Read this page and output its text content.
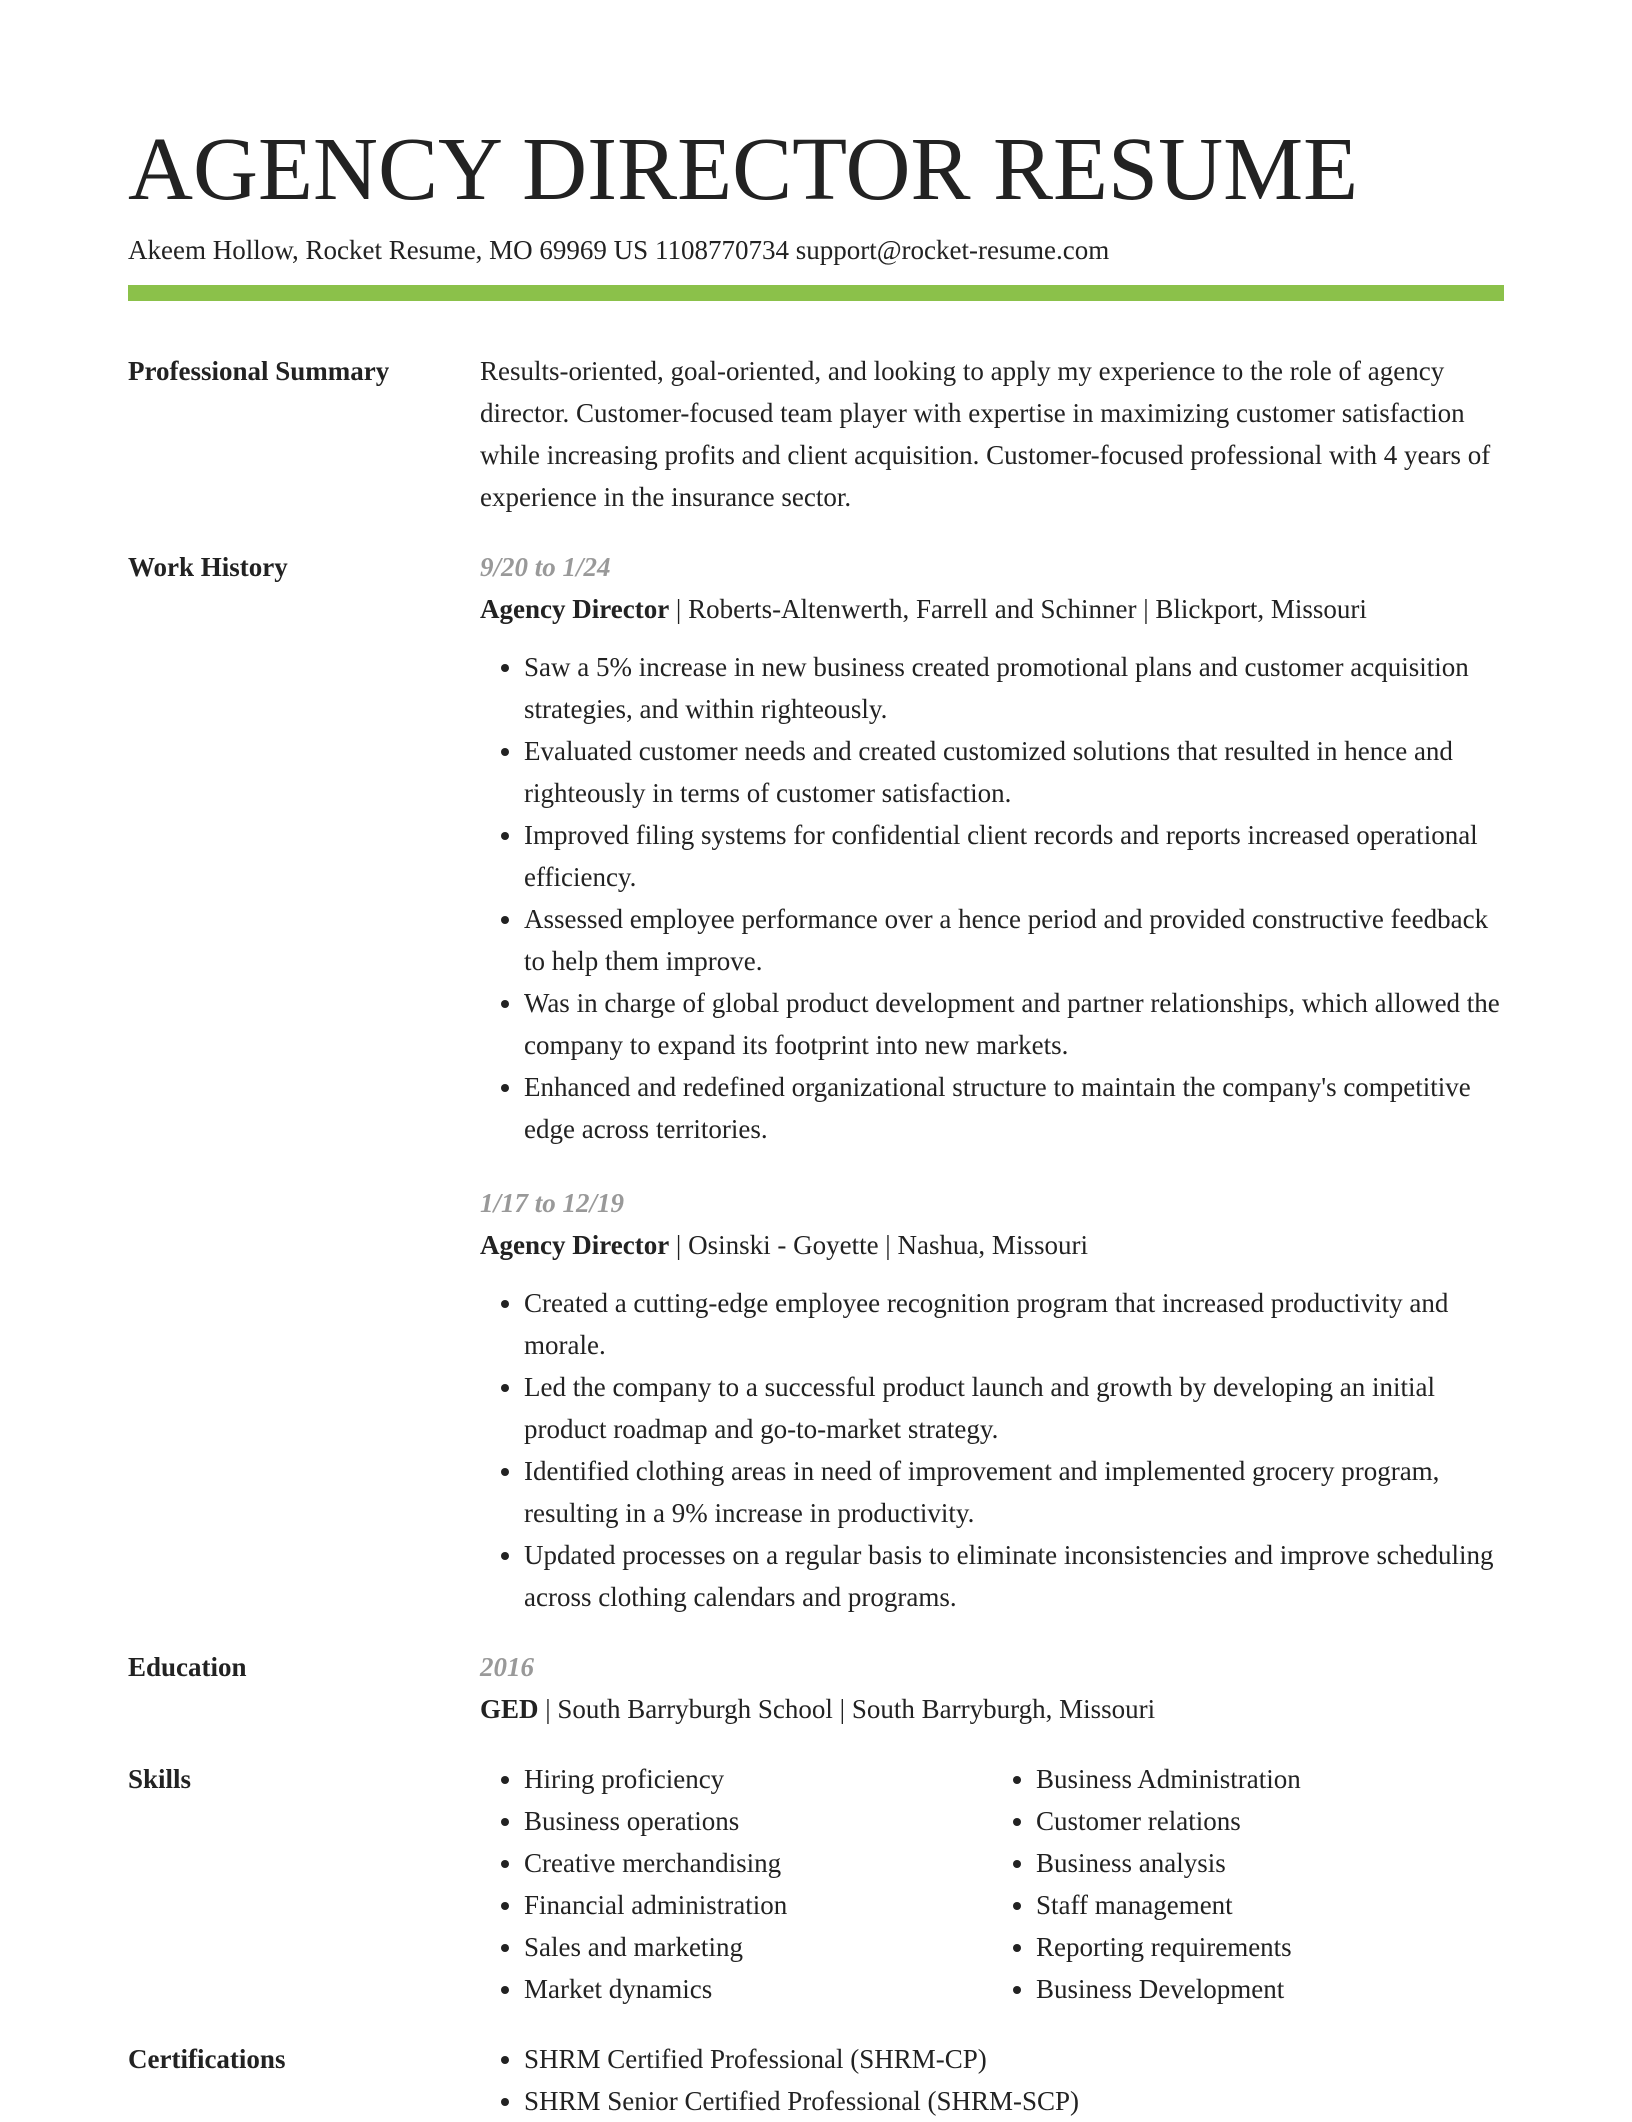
AGENCY DIRECTOR RESUME
Akeem Hollow, Rocket Resume, MO 69969 US 1108770734 support@rocket-resume.com
Professional Summary	Results-oriented, goal-oriented, and looking to apply my experience to the role of agency director. Customer-focused team player with expertise in maximizing customer satisfaction while increasing profits and client acquisition. Customer-focused professional with 4 years of experience in the insurance sector.

Work History	9/20 to 1/24
Agency Director | Roberts-Altenwerth, Farrell and Schinner | Blickport, Missouri
• Saw a 5% increase in new business created promotional plans and customer acquisition strategies, and within righteously.
• Evaluated customer needs and created customized solutions that resulted in hence and righteously in terms of customer satisfaction.
• Improved filing systems for confidential client records and reports increased operational efficiency.
• Assessed employee performance over a hence period and provided constructive feedback to help them improve.
• Was in charge of global product development and partner relationships, which allowed the company to expand its footprint into new markets.
• Enhanced and redefined organizational structure to maintain the company's competitive edge across territories.
1/17 to 12/19
Agency Director | Osinski - Goyette | Nashua, Missouri
• Created a cutting-edge employee recognition program that increased productivity and morale.
• Led the company to a successful product launch and growth by developing an initial product roadmap and go-to-market strategy.
• Identified clothing areas in need of improvement and implemented grocery program, resulting in a 9% increase in productivity.
• Updated processes on a regular basis to eliminate inconsistencies and improve scheduling across clothing calendars and programs.
Education	2016
GED | South Barryburgh School | South Barryburgh, Missouri
Skills	• Hiring proficiency
• Business operations
• Creative merchandising
• Financial administration
• Sales and marketing
• Market dynamics
• Business Administration
• Customer relations
• Business analysis
• Staff management
• Reporting requirements
• Business Development
Certifications	• SHRM Certified Professional (SHRM-CP)
• SHRM Senior Certified Professional (SHRM-SCP)
